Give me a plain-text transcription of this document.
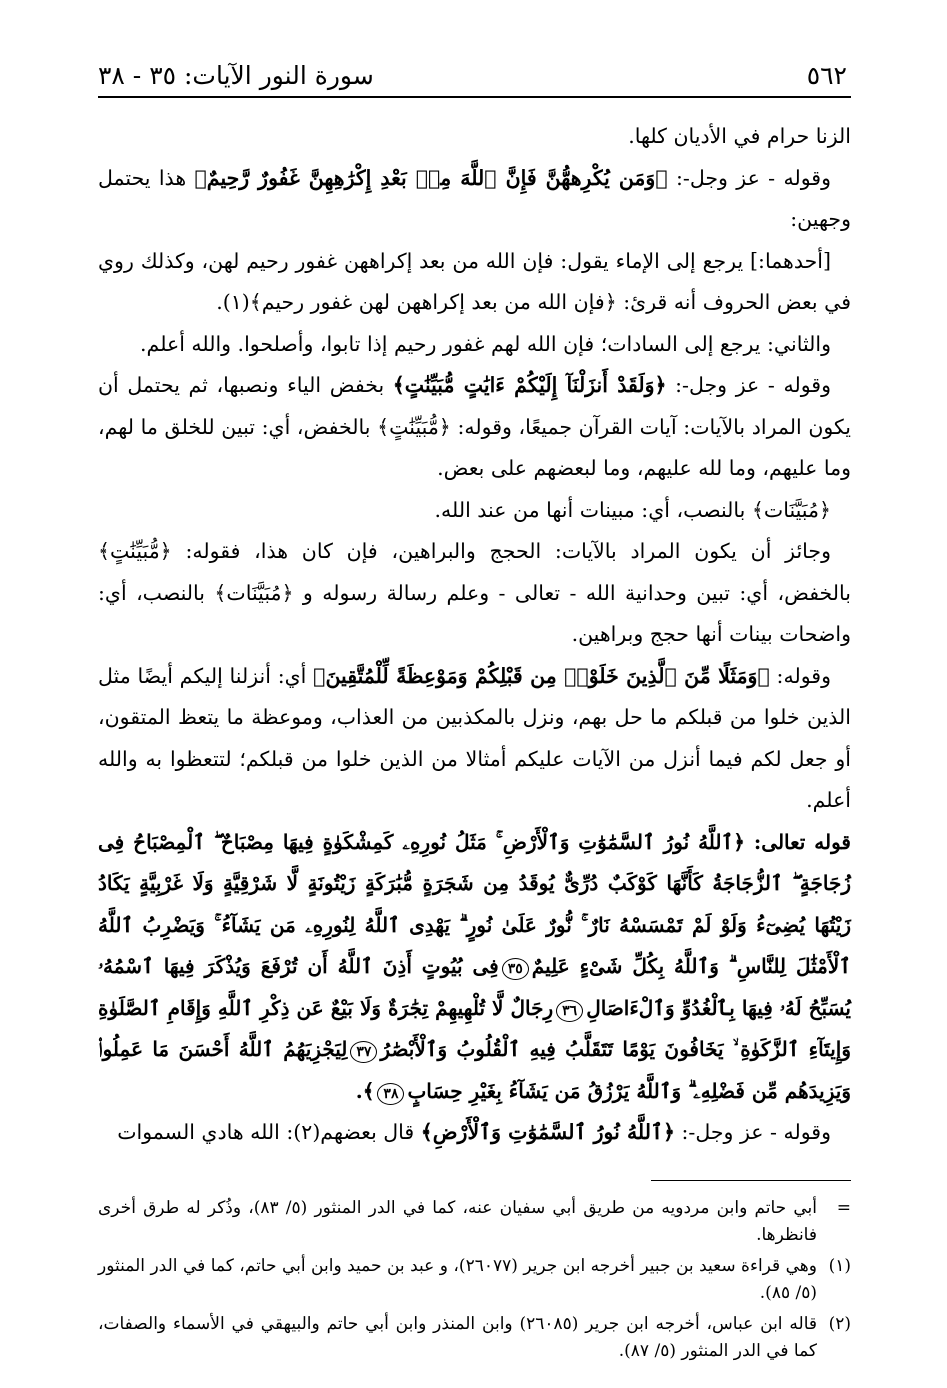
٥٦٢
سورة النور الآيات: ٣٥ - ٣٨

الزنا حرام في الأديان كلها.

وقوله - عز وجل-: ﴿وَمَن يُكْرِههُّنَّ فَإِنَّ ٱللَّهَ مِنۢ بَعْدِ إِكْرَٰهِهِنَّ غَفُورٌ رَّحِيمٌ﴾ هذا يحتمل وجهين:

[أحدهما:] يرجع إلى الإماء يقول: فإن الله من بعد إكراههن غفور رحيم لهن، وكذلك روي في بعض الحروف أنه قرئ: ﴿فإن الله من بعد إكراههن لهن غفور رحيم﴾(١).

والثاني: يرجع إلى السادات؛ فإن الله لهم غفور رحيم إذا تابوا، وأصلحوا. والله أعلم.

وقوله - عز وجل-: ﴿وَلَقَدْ أَنزَلْنَآ إِلَيْكُمْ ءَايَٰتٍ مُّبَيِّنَٰتٍ﴾ بخفض الياء ونصبها، ثم يحتمل أن يكون المراد بالآيات: آيات القرآن جميعًا، وقوله: ﴿مُّبَيِّنَٰتٍ﴾ بالخفض، أي: تبين للخلق ما لهم، وما عليهم، وما لله عليهم، وما لبعضهم على بعض.

﴿مُبَيَّنَات﴾ بالنصب، أي: مبينات أنها من عند الله.

وجائز أن يكون المراد بالآيات: الحجج والبراهين، فإن كان هذا، فقوله: ﴿مُّبَيِّنَٰتٍ﴾ بالخفض، أي: تبين وحدانية الله - تعالى - وعلم رسالة رسوله و ﴿مُبَيَّنَات﴾ بالنصب، أي: واضحات بينات أنها حجج وبراهين.

وقوله: ﴿وَمَثَلًا مِّنَ ٱلَّذِينَ خَلَوْا۟ مِن قَبْلِكُمْ وَمَوْعِظَةً لِّلْمُتَّقِينَ﴾ أي: أنزلنا إليكم أيضًا مثل الذين خلوا من قبلكم ما حل بهم، ونزل بالمكذبين من العذاب، وموعظة ما يتعظ المتقون، أو جعل لكم فيما أنزل من الآيات عليكم أمثالا من الذين خلوا من قبلكم؛ لتتعظوا به والله أعلم.

قوله تعالى: ﴿ٱللَّهُ نُورُ ٱلسَّمَٰوَٰتِ وَٱلْأَرْضِ ۚ مَثَلُ نُورِهِۦ كَمِشْكَوٰةٍ فِيهَا مِصْبَاحٌ ۖ ٱلْمِصْبَاحُ فِى زُجَاجَةٍ ۖ ٱلزُّجَاجَةُ كَأَنَّهَا كَوْكَبٌ دُرِّىٌّ يُوقَدُ مِن شَجَرَةٍ مُّبَٰرَكَةٍ زَيْتُونَةٍ لَّا شَرْقِيَّةٍ وَلَا غَرْبِيَّةٍ يَكَادُ زَيْتُهَا يُضِىٓءُ وَلَوْ لَمْ تَمْسَسْهُ نَارٌ ۚ نُّورٌ عَلَىٰ نُورٍ ۗ يَهْدِى ٱللَّهُ لِنُورِهِۦ مَن يَشَآءُ ۚ وَيَضْرِبُ ٱللَّهُ ٱلْأَمْثَٰلَ لِلنَّاسِ ۗ وَٱللَّهُ بِكُلِّ شَىْءٍ عَلِيمٌ٣٥فِى بُيُوتٍ أَذِنَ ٱللَّهُ أَن تُرْفَعَ وَيُذْكَرَ فِيهَا ٱسْمُهُۥ يُسَبِّحُ لَهُۥ فِيهَا بِٱلْغُدُوِّ وَٱلْءَاصَالِ٣٦رِجَالٌ لَّا تُلْهِيهِمْ تِجَٰرَةٌ وَلَا بَيْعٌ عَن ذِكْرِ ٱللَّهِ وَإِقَامِ ٱلصَّلَوٰةِ وَإِيتَآءِ ٱلزَّكَوٰةِ ۙ يَخَافُونَ يَوْمًا تَتَقَلَّبُ فِيهِ ٱلْقُلُوبُ وَٱلْأَبْصَٰرُ٣٧لِيَجْزِيَهُمُ ٱللَّهُ أَحْسَنَ مَا عَمِلُوا۟ وَيَزِيدَهُم مِّن فَضْلِهِۦ ۗ وَٱللَّهُ يَرْزُقُ مَن يَشَآءُ بِغَيْرِ حِسَابٍ٣٨﴾.

وقوله - عز وجل-: ﴿ٱللَّهُ نُورُ ٱلسَّمَٰوَٰتِ وَٱلْأَرْضِ﴾ قال بعضهم(٢): الله هادي السموات

=
أبي حاتم وابن مردويه من طريق أبي سفيان عنه، كما في الدر المنثور (٥/ ٨٣)، وذُكر له طرق أخرى فانظرها.
(١)
وهي قراءة سعيد بن جبير أخرجه ابن جرير (٢٦٠٧٧)، و عبد بن حميد وابن أبي حاتم، كما في الدر المنثور (٥/ ٨٥).
(٢)
قاله ابن عباس، أخرجه ابن جرير (٢٦٠٨٥) وابن المنذر وابن أبي حاتم والبيهقي في الأسماء والصفات، كما في الدر المنثور (٥/ ٨٧).
